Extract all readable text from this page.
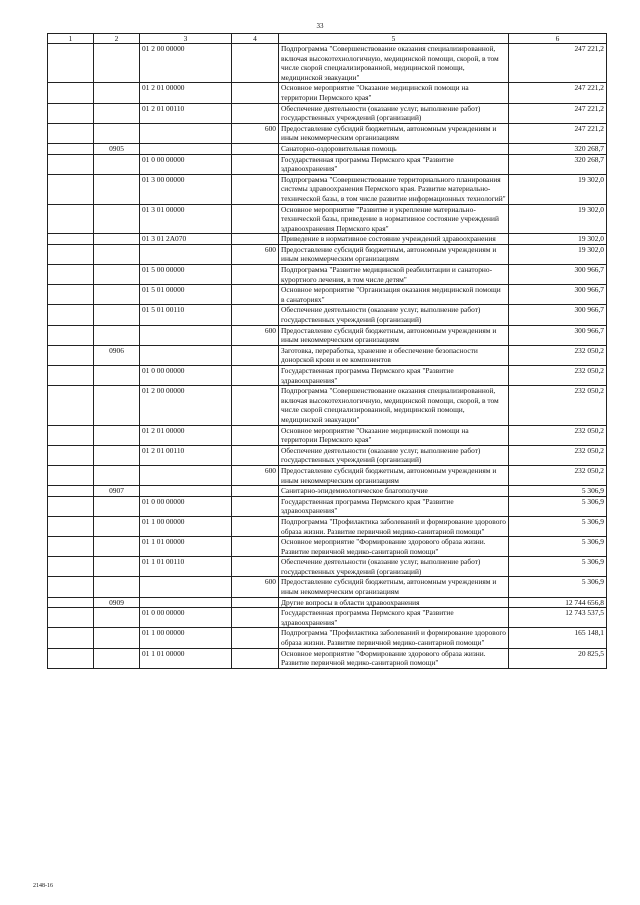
33
1	2	3	4	5	6
		01 2 00 00000		Подпрограмма "Совершенствование оказания специализированной, включая высокотехнологичную, медицинской помощи, скорой, в том числе скорой специализированной, медицинской помощи, медицинской эвакуации"	247 221,2
		01 2 01 00000		Основное мероприятие "Оказание медицинской помощи на территории Пермского края"	247 221,2
		01 2 01 00110		Обеспечение деятельности (оказание услуг, выполнение работ) государственных учреждений (организаций)	247 221,2
			600	Предоставление субсидий бюджетным, автономным учреждениям и иным некоммерческим организациям	247 221,2
	0905			Санаторно-оздоровительная помощь	320 268,7
		01 0 00 00000		Государственная программа Пермского края "Развитие здравоохранения"	320 268,7
		01 3 00 00000		Подпрограмма "Совершенствование территориального планирования системы здравоохранения Пермского края. Развитие материально-технической базы, в том числе развитие информационных технологий"	19 302,0
		01 3 01 00000		Основное мероприятие "Развитие и укрепление материально-технической базы, приведение в нормативное состояние учреждений здравоохранения Пермского края"	19 302,0
		01 3 01 2А070		Приведение в нормативное состояние учреждений здравоохранения	19 302,0
			600	Предоставление субсидий бюджетным, автономным учреждениям и иным некоммерческим организациям	19 302,0
		01 5 00 00000		Подпрограмма "Развитие медицинской реабилитации и санаторно-курортного лечения, в том числе детям"	300 966,7
		01 5 01 00000		Основное мероприятие "Организация оказания медицинской помощи в санаториях"	300 966,7
		01 5 01 00110		Обеспечение деятельности (оказание услуг, выполнение работ) государственных учреждений (организаций)	300 966,7
			600	Предоставление субсидий бюджетным, автономным учреждениям и иным некоммерческим организациям	300 966,7
	0906			Заготовка, переработка, хранение и обеспечение безопасности донорской крови и ее компонентов	232 050,2
		01 0 00 00000		Государственная программа Пермского края "Развитие здравоохранения"	232 050,2
		01 2 00 00000		Подпрограмма "Совершенствование оказания специализированной, включая высокотехнологичную, медицинской помощи, скорой, в том числе скорой специализированной, медицинской помощи, медицинской эвакуации"	232 050,2
		01 2 01 00000		Основное мероприятие "Оказание медицинской помощи на территории Пермского края"	232 050,2
		01 2 01 00110		Обеспечение деятельности (оказание услуг, выполнение работ) государственных учреждений (организаций)	232 050,2
			600	Предоставление субсидий бюджетным, автономным учреждениям и иным некоммерческим организациям	232 050,2
	0907			Санитарно-эпидемиологическое благополучие	5 306,9
		01 0 00 00000		Государственная программа Пермского края "Развитие здравоохранения"	5 306,9
		01 1 00 00000		Подпрограмма "Профилактика заболеваний и формирование здорового образа жизни. Развитие первичной медико-санитарной помощи"	5 306,9
		01 1 01 00000		Основное мероприятие "Формирование здорового образа жизни. Развитие первичной медико-санитарной помощи"	5 306,9
		01 1 01 00110		Обеспечение деятельности (оказание услуг, выполнение работ) государственных учреждений (организаций)	5 306,9
			600	Предоставление субсидий бюджетным, автономным учреждениям и иным некоммерческим организациям	5 306,9
	0909			Другие вопросы в области здравоохранения	12 744 656,8
		01 0 00 00000		Государственная программа Пермского края "Развитие здравоохранения"	12 743 537,5
		01 1 00 00000		Подпрограмма "Профилактика заболеваний и формирование здорового образа жизни. Развитие первичной медико-санитарной помощи"	165 148,1
		01 1 01 00000		Основное мероприятие "Формирование здорового образа жизни. Развитие первичной медико-санитарной помощи"	20 825,5
2148-16
